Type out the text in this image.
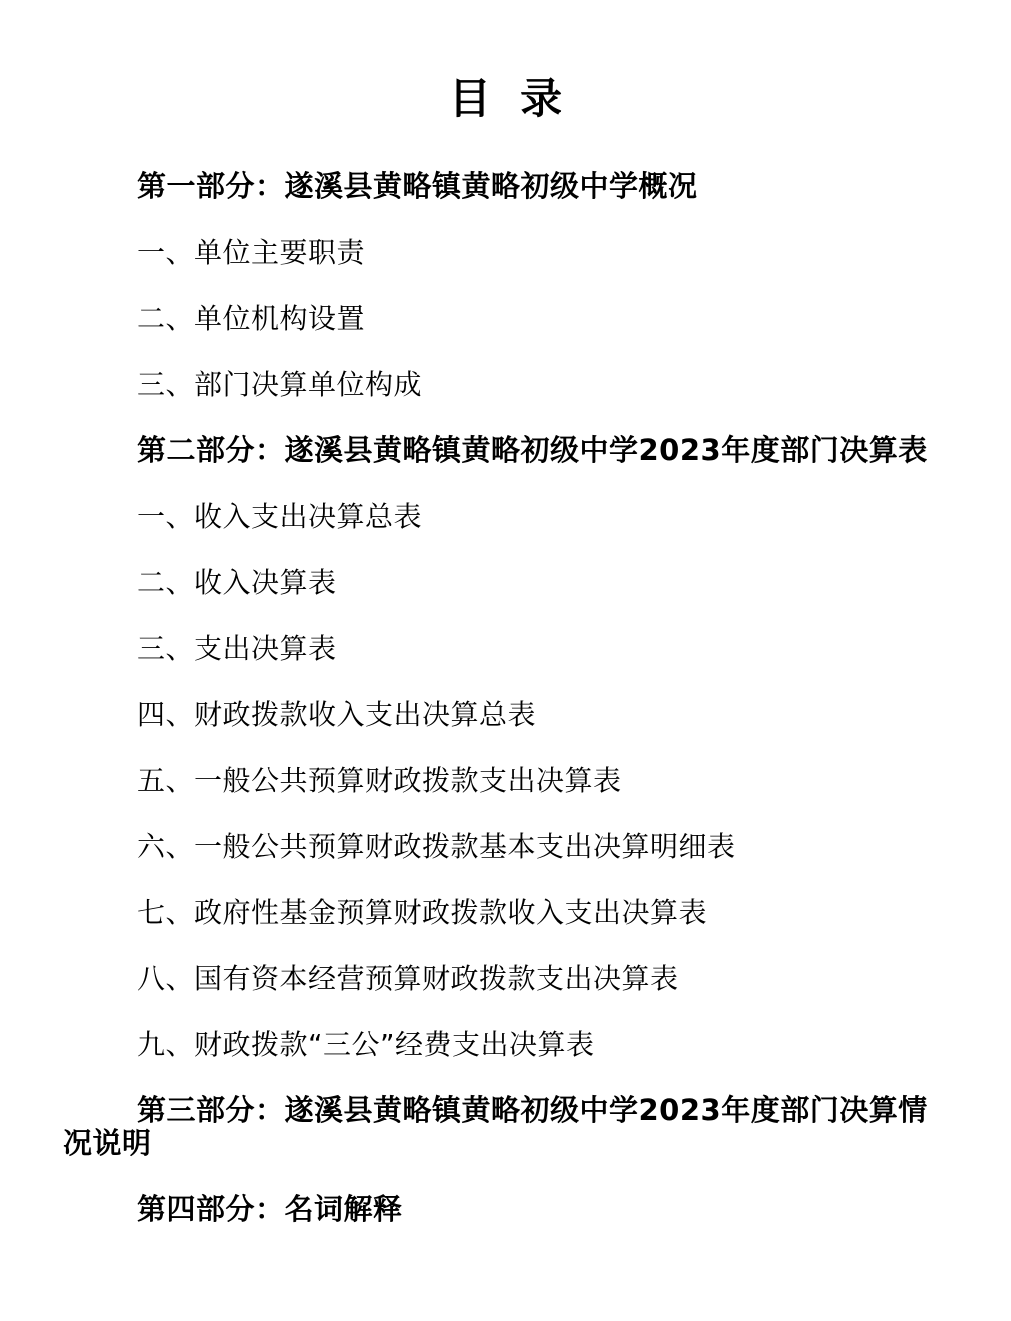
目  录

第一部分：遂溪县黄略镇黄略初级中学概况

一、单位主要职责

二、单位机构设置

三、部门决算单位构成

第二部分：遂溪县黄略镇黄略初级中学2023年度部门决算表

一、收入支出决算总表

二、收入决算表

三、支出决算表

四、财政拨款收入支出决算总表

五、一般公共预算财政拨款支出决算表

六、一般公共预算财政拨款基本支出决算明细表

七、政府性基金预算财政拨款收入支出决算表

八、国有资本经营预算财政拨款支出决算表

九、财政拨款“三公”经费支出决算表

第三部分：遂溪县黄略镇黄略初级中学2023年度部门决算情况说明

第四部分：名词解释
